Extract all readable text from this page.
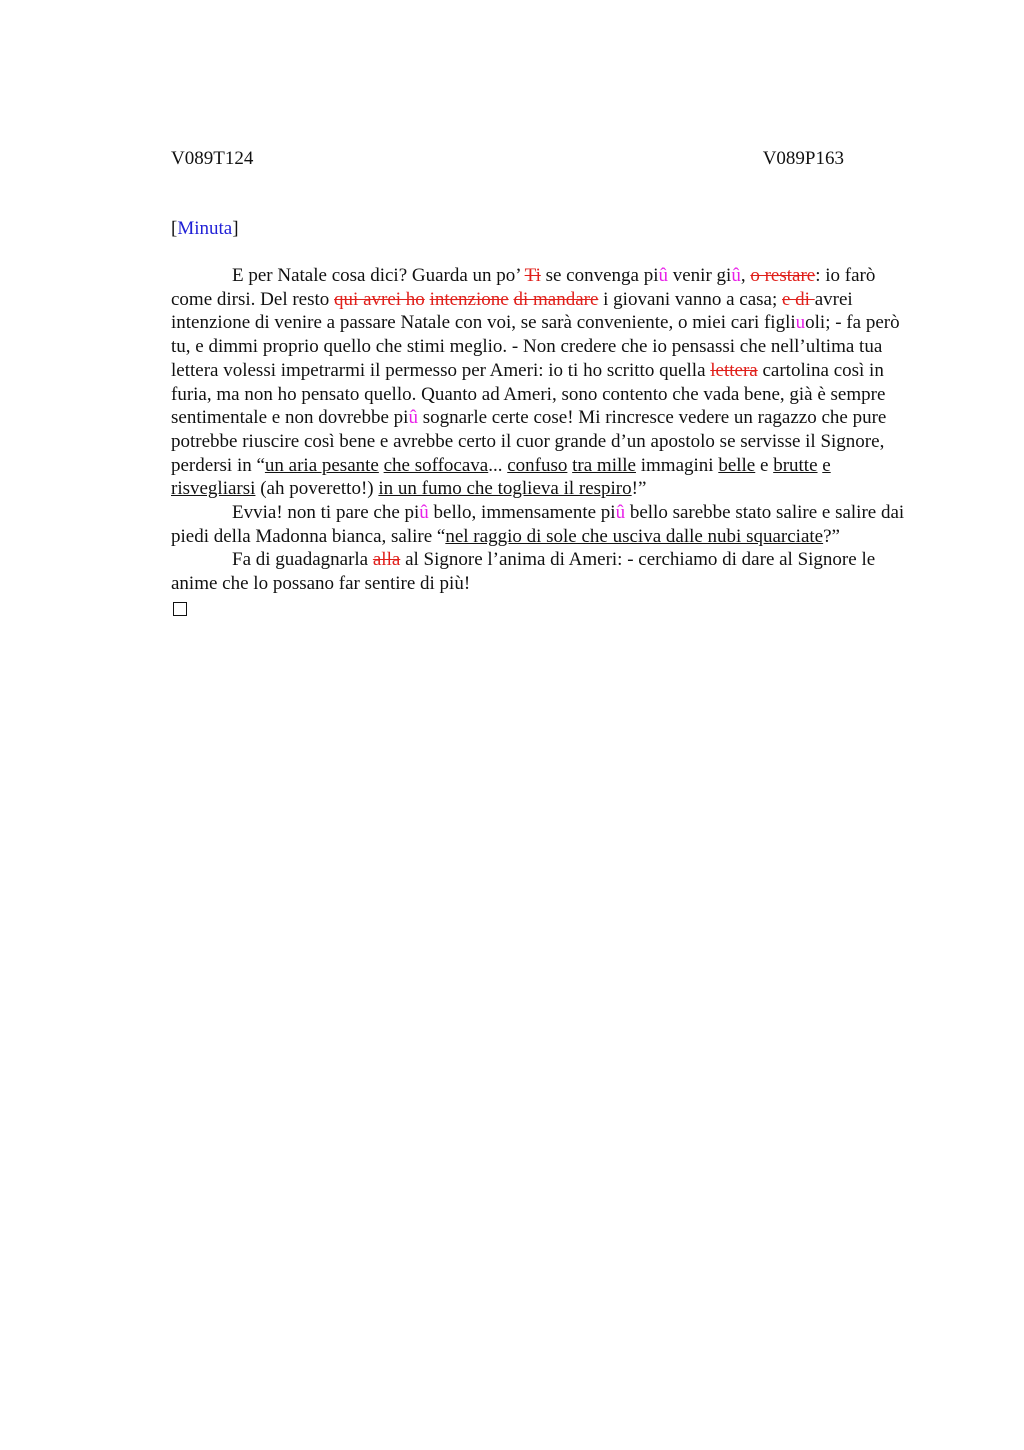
V089T124	V089P163
[Minuta]

E per Natale cosa dici? Guarda un po’ Ti se convenga piû venir giû, o restare: io farò come dirsi. Del resto qui avrei ho intenzione di mandare i giovani vanno a casa; e di avrei intenzione di venire a passare Natale con voi, se sarà conveniente, o miei cari figliuoli; - fa però tu, e dimmi proprio quello che stimi meglio. - Non credere che io pensassi che nell’ultima tua lettera volessi impetrarmi il permesso per Ameri: io ti ho scritto quella lettera cartolina così in furia, ma non ho pensato quello. Quanto ad Ameri, sono contento che vada bene, già è sempre sentimentale e non dovrebbe piû sognarle certe cose! Mi rincresce vedere un ragazzo che pure potrebbe riuscire così bene e avrebbe certo il cuor grande d’un apostolo se servisse il Signore, perdersi in “un aria pesante che soffocava... confuso tra mille immagini belle e brutte e risvegliarsi (ah poveretto!) in un fumo che toglieva il respiro!”

Evvia! non ti pare che piû bello, immensamente piû bello sarebbe stato salire e salire dai piedi della Madonna bianca, salire “nel raggio di sole che usciva dalle nubi squarciate?”

Fa di guadagnarla alla al Signore l’anima di Ameri: - cerchiamo di dare al Signore le anime che lo possano far sentire di più!
